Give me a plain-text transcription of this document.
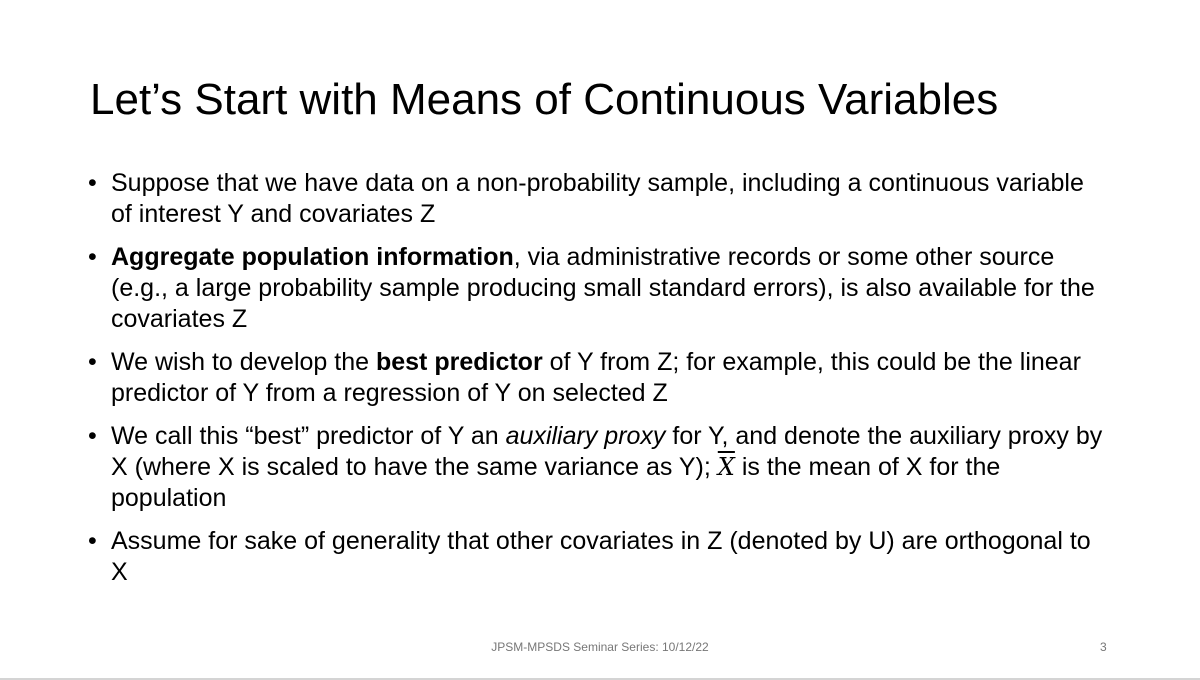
Let’s Start with Means of Continuous Variables
• Suppose that we have data on a non-probability sample, including a continuous variable of interest Y and covariates Z
• Aggregate population information, via administrative records or some other source (e.g., a large probability sample producing small standard errors), is also available for the covariates Z
• We wish to develop the best predictor of Y from Z; for example, this could be the linear predictor of Y from a regression of Y on selected Z
• We call this “best” predictor of Y an auxiliary proxy for Y, and denote the auxiliary proxy by X (where X is scaled to have the same variance as Y); $\overline{X}$ is the mean of X for the population
• Assume for sake of generality that other covariates in Z (denoted by U) are orthogonal to X
JPSM-MPSDS Seminar Series: 10/12/22	3
